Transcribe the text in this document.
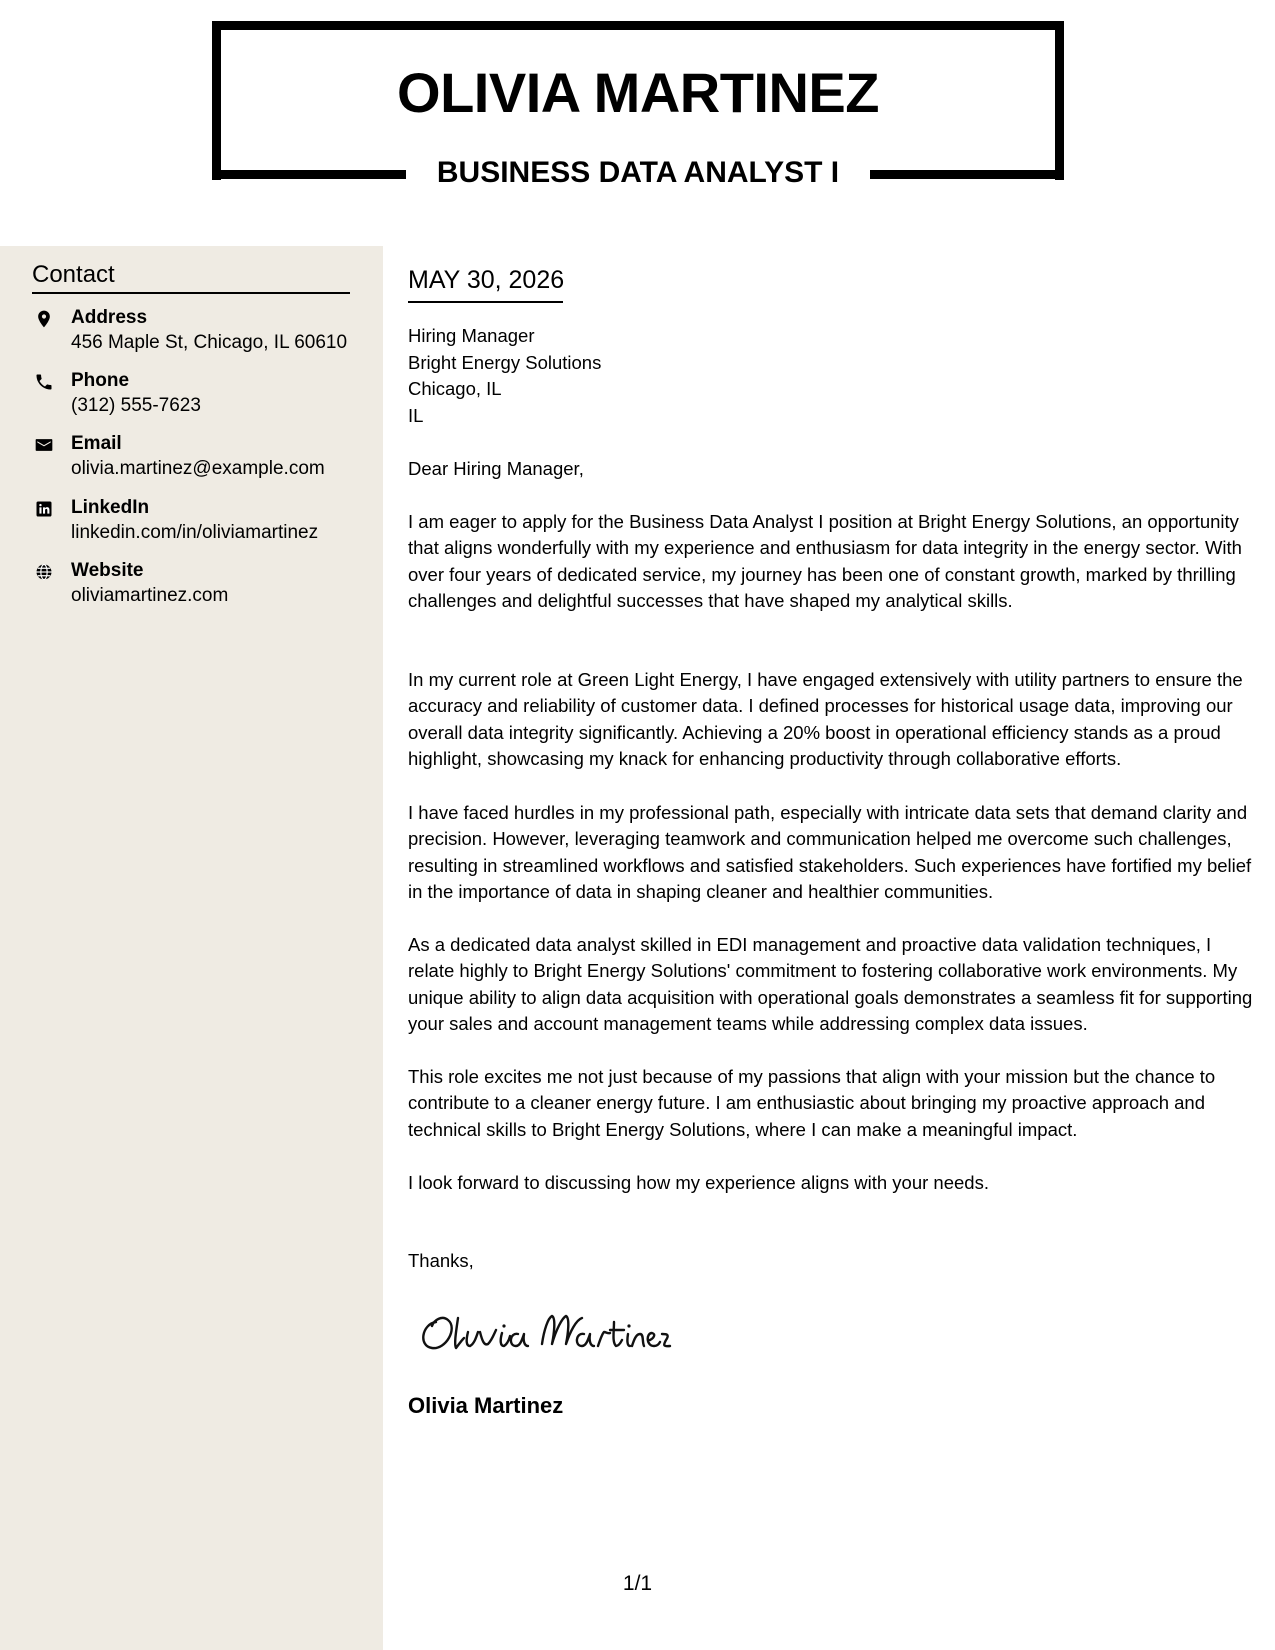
OLIVIA MARTINEZ
BUSINESS DATA ANALYST I
Contact
Address
456 Maple St, Chicago, IL 60610
Phone
(312) 555-7623
Email
olivia.martinez@example.com
LinkedIn
linkedin.com/in/oliviamartinez
Website
oliviamartinez.com
MAY 30, 2026
Hiring Manager
Bright Energy Solutions
Chicago, IL
IL
Dear Hiring Manager,

I am eager to apply for the Business Data Analyst I position at Bright Energy Solutions, an opportunity that aligns wonderfully with my experience and enthusiasm for data integrity in the energy sector. With over four years of dedicated service, my journey has been one of constant growth, marked by thrilling challenges and delightful successes that have shaped my analytical skills.

In my current role at Green Light Energy, I have engaged extensively with utility partners to ensure the accuracy and reliability of customer data. I defined processes for historical usage data, improving our overall data integrity significantly. Achieving a 20% boost in operational efficiency stands as a proud highlight, showcasing my knack for enhancing productivity through collaborative efforts.

I have faced hurdles in my professional path, especially with intricate data sets that demand clarity and precision. However, leveraging teamwork and communication helped me overcome such challenges, resulting in streamlined workflows and satisfied stakeholders. Such experiences have fortified my belief in the importance of data in shaping cleaner and healthier communities.

As a dedicated data analyst skilled in EDI management and proactive data validation techniques, I relate highly to Bright Energy Solutions' commitment to fostering collaborative work environments. My unique ability to align data acquisition with operational goals demonstrates a seamless fit for supporting your sales and account management teams while addressing complex data issues.

This role excites me not just because of my passions that align with your mission but the chance to contribute to a cleaner energy future. I am enthusiastic about bringing my proactive approach and technical skills to Bright Energy Solutions, where I can make a meaningful impact.

I look forward to discussing how my experience aligns with your needs.

Thanks,
Olivia Martinez
1/1
